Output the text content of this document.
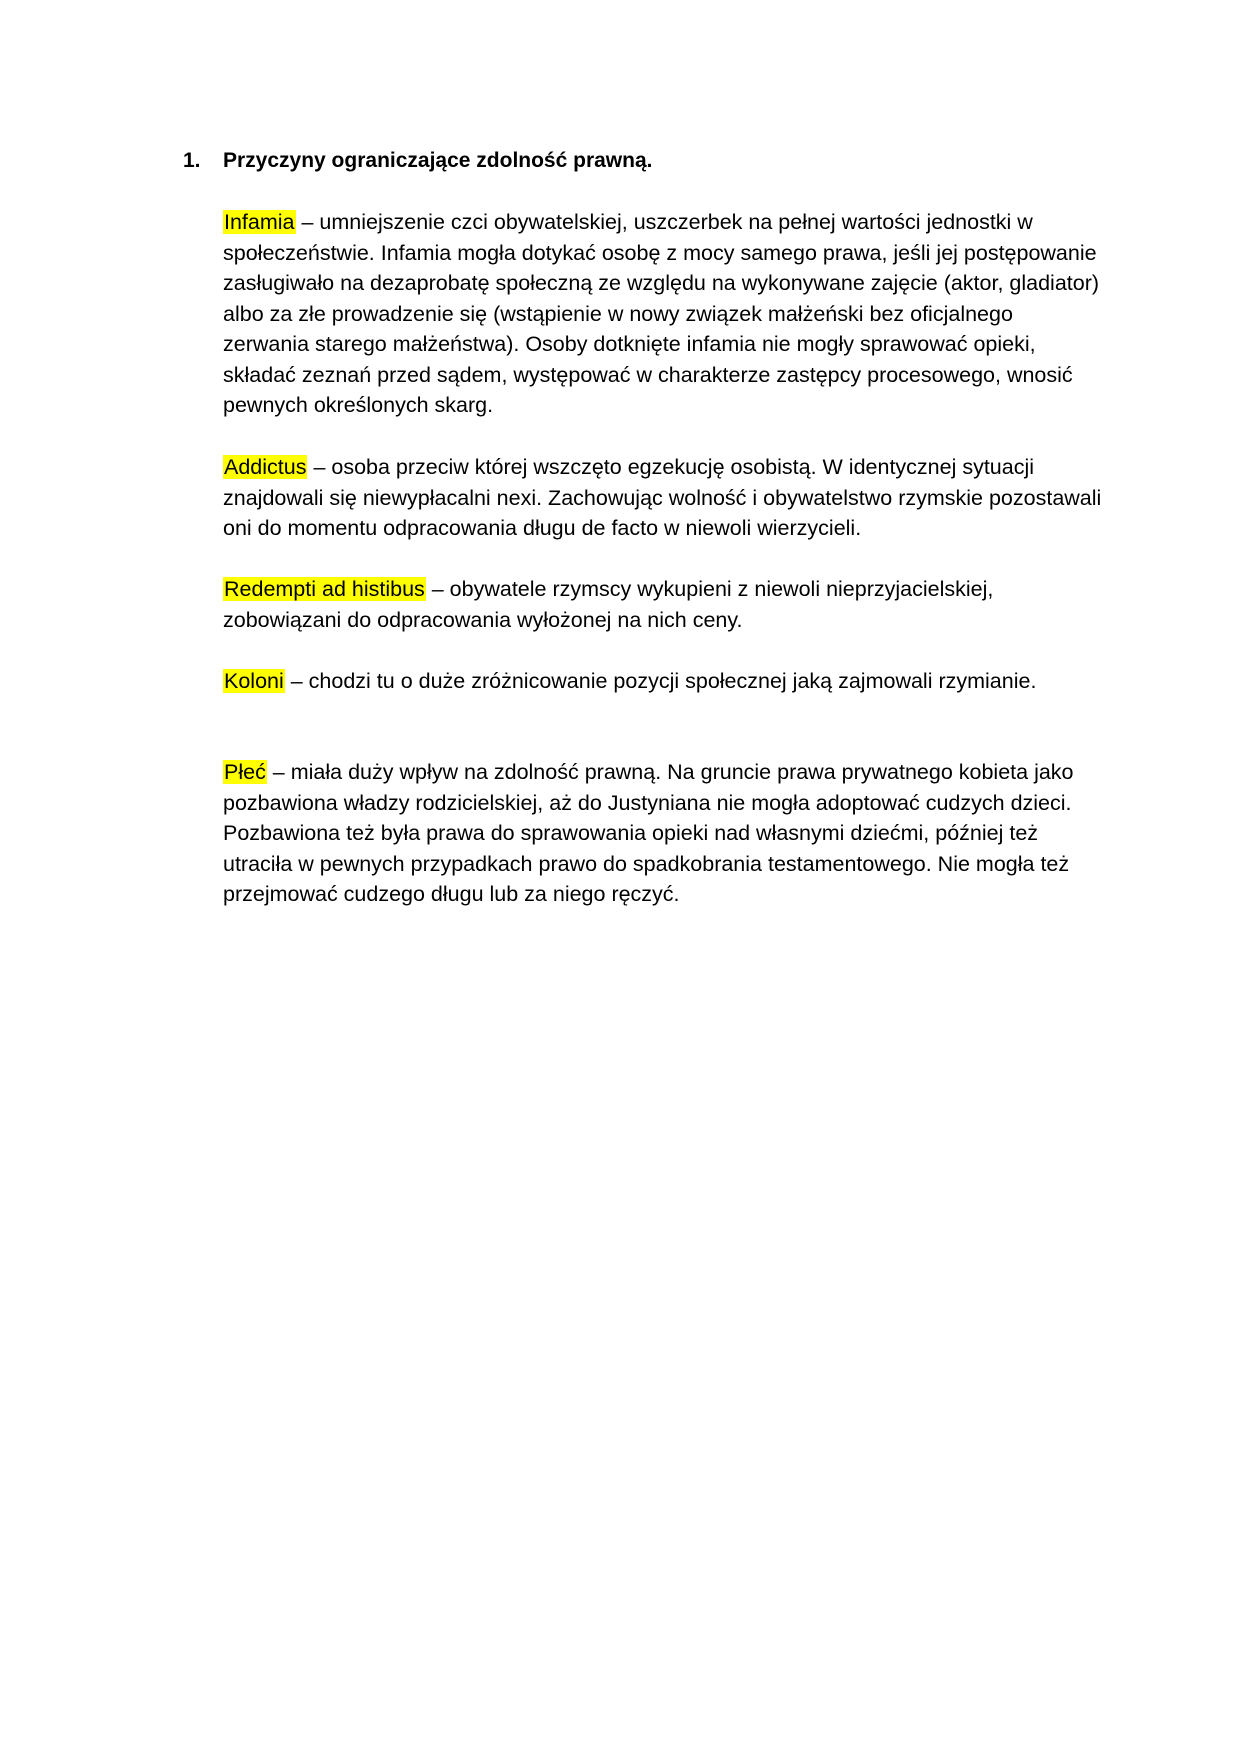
1. Przyczyny ograniczające zdolność prawną.

Infamia – umniejszenie czci obywatelskiej, uszczerbek na pełnej wartości jednostki w społeczeństwie. Infamia mogła dotykać osobę z mocy samego prawa, jeśli jej postępowanie zasługiwało na dezaprobatę społeczną ze względu na wykonywane zajęcie (aktor, gladiator) albo za złe prowadzenie się (wstąpienie w nowy związek małżeński bez oficjalnego zerwania starego małżeństwa). Osoby dotknięte infamia nie mogły sprawować opieki, składać zeznań przed sądem, występować w charakterze zastępcy procesowego, wnosić pewnych określonych skarg.

Addictus – osoba przeciw której wszczęto egzekucję osobistą. W identycznej sytuacji znajdowali się niewypłacalni nexi. Zachowując wolność i obywatelstwo rzymskie pozostawali oni do momentu odpracowania długu de facto w niewoli wierzycieli.

Redempti ad histibus – obywatele rzymscy wykupieni z niewoli nieprzyjacielskiej, zobowiązani do odpracowania wyłożonej na nich ceny.

Koloni – chodzi tu o duże zróżnicowanie pozycji społecznej jaką zajmowali rzymianie.

Płeć – miała duży wpływ na zdolność prawną. Na gruncie prawa prywatnego kobieta jako pozbawiona władzy rodzicielskiej, aż do Justyniana nie mogła adoptować cudzych dzieci. Pozbawiona też była prawa do sprawowania opieki nad własnymi dziećmi, później też utraciła w pewnych przypadkach prawo do spadkobrania testamentowego. Nie mogła też przejmować cudzego długu lub za niego ręczyć.
